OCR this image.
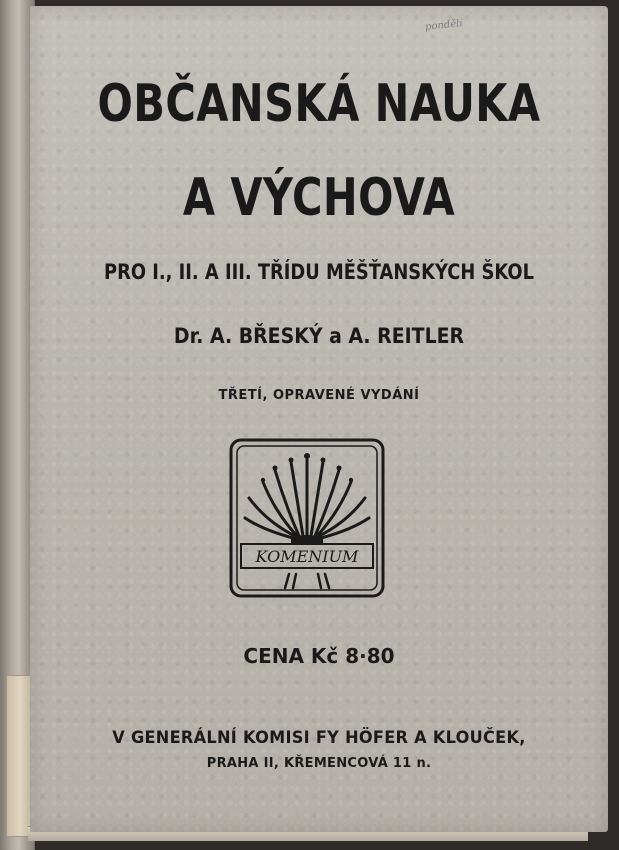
pondělí
OBČANSKÁ NAUKA
A VÝCHOVA
PRO I., II. A III. TŘÍDU MĚŠŤANSKÝCH ŠKOL
Dr. A. BŘESKÝ a A. REITLER
TŘETÍ, OPRAVENÉ VYDÁNÍ
KOMENIUM
CENA Kč 8·80
V GENERÁLNÍ KOMISI FY HÖFER A KLOUČEK,
PRAHA II, KŘEMENCOVÁ 11 n.
